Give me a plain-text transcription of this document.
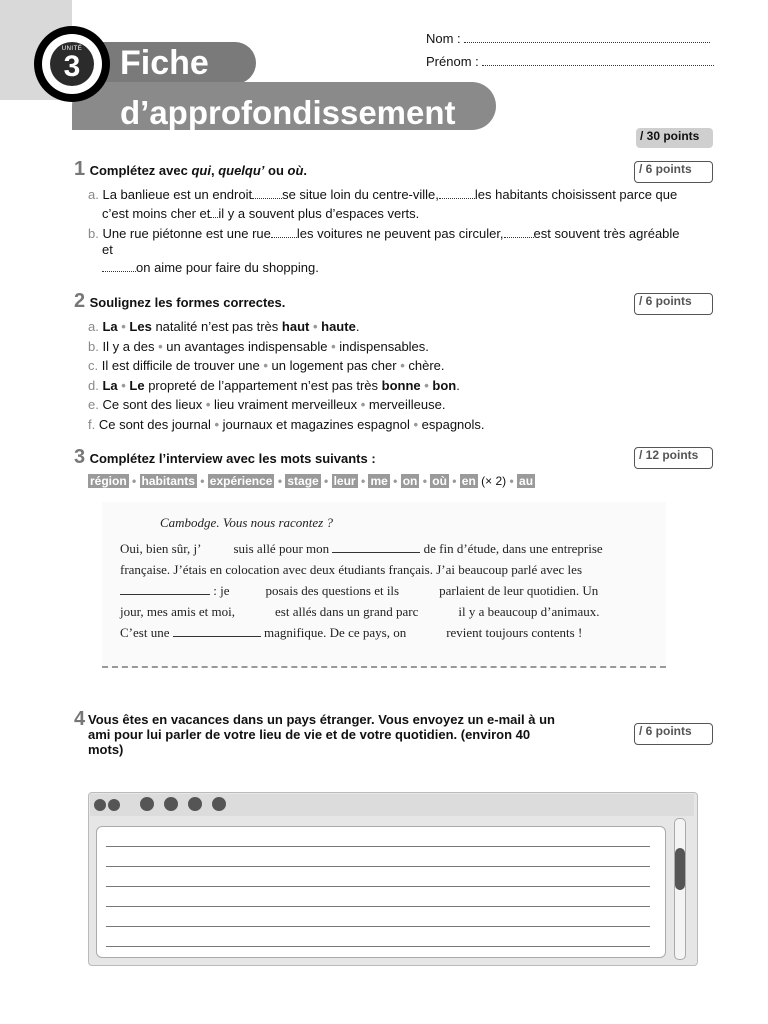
UNITÉ
3	Fiche
d’approfondissement
Nom :
Prénom :
/ 30 points
1 Complétez avec qui, quelqu’ ou où.	/ 6 points
a. La banlieue est un endroit se situe loin du centre-ville,	les habitants choisissent parce que
c’est moins cher et il y a souvent plus d’espaces verts.
b. Une rue piétonne est une rue les voitures ne peuvent pas circuler, est souvent très agréable
et
on aime pour faire du shopping.
2 Soulignez les formes correctes.	/ 6 points
a. La • Les natalité n’est pas très haut • haute.
b. Il y a des • un avantages indispensable • indispensables.
c. Il est difficile de trouver une • un logement pas cher • chère.
d. La • Le propreté de l’appartement n’est pas très bonne • bon.
e. Ce sont des lieux • lieu vraiment merveilleux • merveilleuse.
f. Ce sont des journal • journaux et magazines espagnol • espagnols.
3 Complétez l’interview avec les mots suivants :	/ 12 points
région • habitants • expérience • stage • leur • me • on • où • en (× 2) • au
Cambodge. Vous nous racontez ?
Oui, bien sûr, j’ suis allé pour mon	de fin d’étude, dans une entreprise
française. J’étais en colocation avec deux étudiants français. J’ai beaucoup parlé avec les
: je	posais des questions et ils	parlaient de leur quotidien. Un
jour, mes amis et moi,	est allés dans un grand parc	il y a beaucoup d’animaux.
C’est une	magnifique. De ce pays, on	revient toujours contents !
4 Vous êtes en vacances dans un pays étranger. Vous envoyez un e-mail à un
ami pour lui parler de votre lieu de vie et de votre quotidien. (environ 40
mots)
/ 6 points
